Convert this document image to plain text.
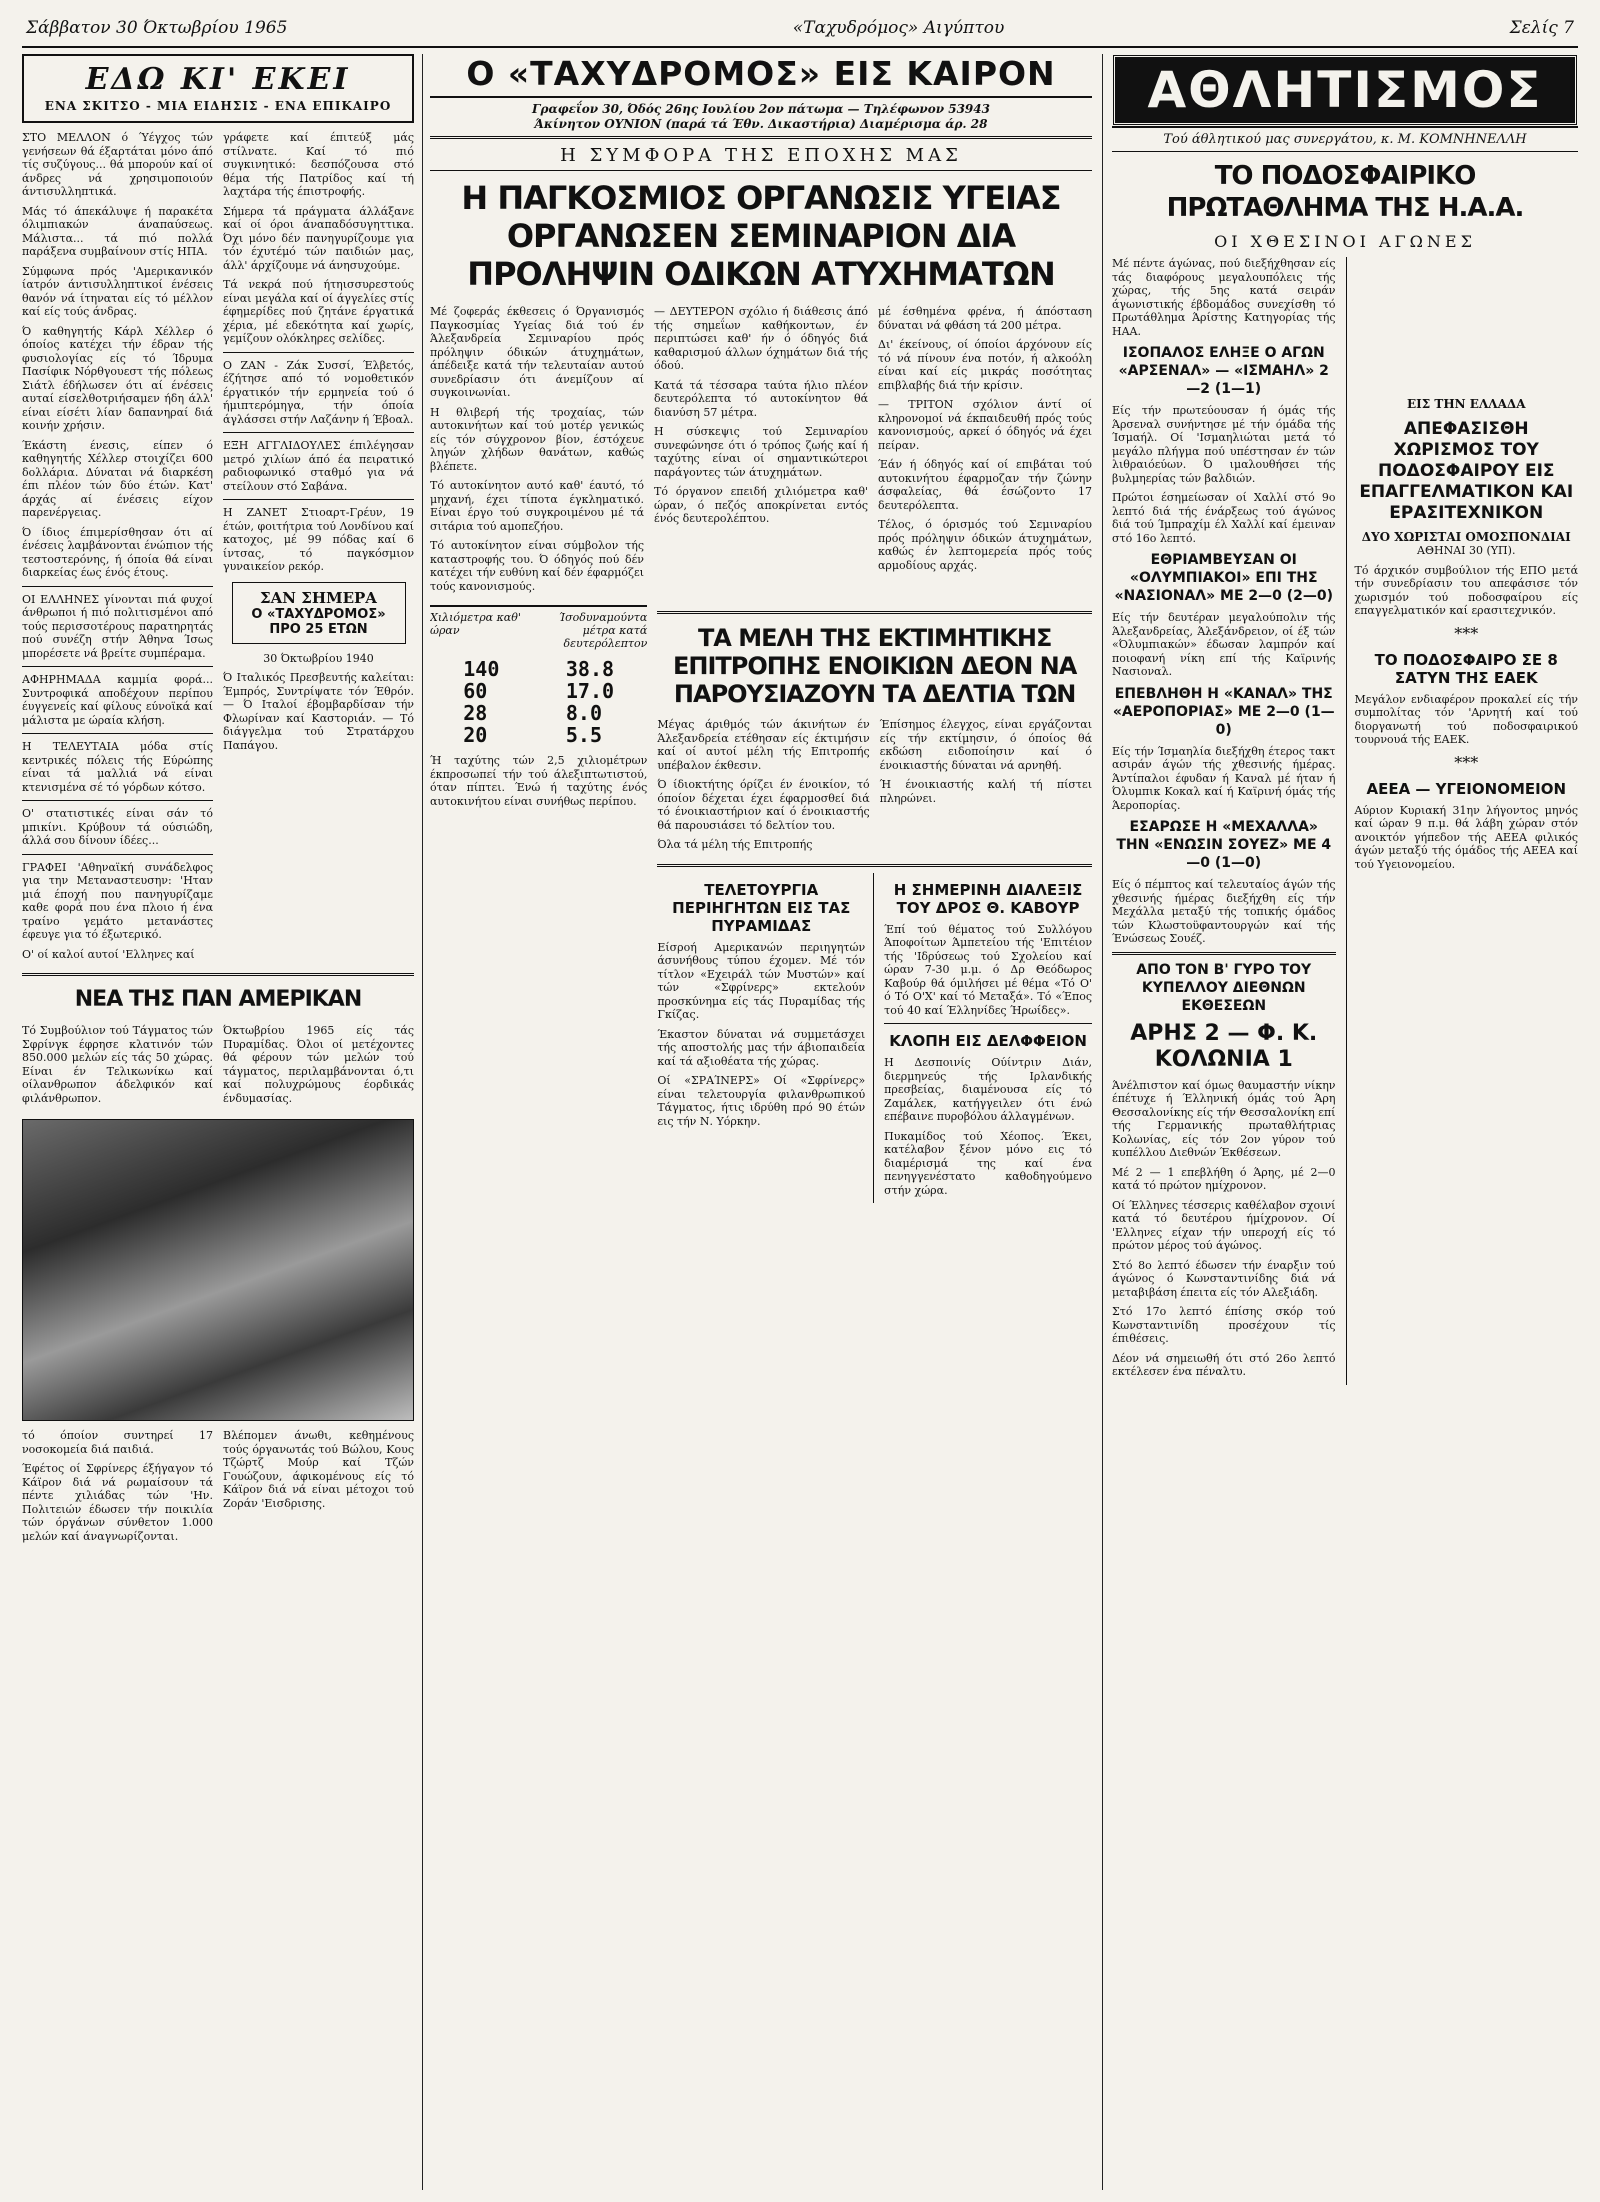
Σάββατον 30 Όκτωβρίου 1965	«Ταχυδρόμος» Αιγύπτου	Σελίς 7
ΕΔΩ ΚΙ' ΕΚΕΙ
ΕΝΑ ΣΚΙΤΣΟ - ΜΙΑ ΕΙΔΗΣΙΣ - ΕΝΑ ΕΠΙΚΑΙΡΟ

ΣΤΟ ΜΕΛΛΟΝ ό Ύέγχος τών γενήσεων θά έξαρτάται μόνο άπό τίς συζύγους... θά μπορούν καί οί άνδρες νά χρησιμοποιούν άντισυλληπτικά.

Μάς τό άπεκάλυψε ή παρακέτα όλιμπιακών άναπαύσεως. Μάλιστα... τά πιό πολλά παράξενα συμβαίνουν στίς ΗΠΑ.

Σύμφωνα πρός 'Αμερικανικόν ίατρόν άντισυλληπτικοί ένέσεις θανόν νά ίτηναται είς τό μέλλον καί είς τούς άνδρας.

Ό καθηγητής Κάρλ Χέλλερ ό όποίος κατέχει τήν έδραν τής φυσιολογίας είς τό Ίδρυμα Πασίφικ Νόρθγουεστ τής πόλεως Σιάτλ έδήλωσεν ότι αί ένέσεις αυταί είσελθοτριήσαμεν ήδη άλλ' είναι είσέτι λίαν δαπανηραί διά κοινήν χρήσιν.

Έκάστη ένεσις, είπεν ό καθηγητής Χέλλερ στοιχίζει 600 δολλάρια. Δύναται νά διαρκέση έπι πλέον τών δύο έτών. Κατ' άρχάς αί ένέσεις είχον παρενέργειας.

Ό ίδιος έπιμερίσθησαν ότι αί ένέσεις λαμβάνονται ένώπιον τής τεστοστερόνης, ή όποία θά είναι διαρκείας έως ένός έτους.

ΟΙ ΕΛΛΗΝΕΣ γίνονται πιά φυχοί άνθρωποι ή πιό πολιτισμένοι από τούς περισσοτέρους παρατηρητάς πού συνέζη στήν Άθηνα Ίσως μπορέσετε νά βρείτε συμπέραμα.

ΑΦΗΡΗΜΑΔΑ καμμία φορά... Συντροφικά αποδέχουν περίπου έυγγενείς καί φίλους εύνοϊκά καί μάλιστα με ώραία κλήση.

Η ΤΕΛΕΥΤΑΙΑ μόδα στίς κεντρικές πόλεις τής Εύρώπης είναι τά μαλλιά νά είναι κτενισμένα σέ τό γόρδων κότσο.

Ο' στατιστικές είναι σάν τό μπικίνι. Κρύβουν τά ούσιώδη, άλλά σου δίνουν ίδέες...

ΓΡΑΦΕΙ 'Αθηναϊκή συνάδελφος για την Μεταναστευσην: 'Ηταν μιά έποχή που πανηγυρίζαμε καθε φορά που ένα πλοιο ή ένα τραίνο γεμάτο μετανάστες έφευγε για τό έξωτερικό.

Ο' οί καλοί αυτοί 'Ελληνες καί

γράφετε καί έπιτεύξ μάς στίλνατε. Καί τό πιό συγκινητικό: δεσπόζουσα στό θέμα τής Πατρίδος καί τή λαχτάρα τής έπιστροφής.

Σήμερα τά πράγματα άλλάξανε καί οί όροι άναπαδόσυγηττικα. Όχι μόνο δέν πανηγυρίζουμε για τόν έχυτέμό τών παιδιών μας, άλλ' άρχίζουμε νά άνησυχούμε.

Τά νεκρά πού ήτηισσυρεστούς είναι μεγάλα καί οί άγγελίες στίς έφημερίδες πού ζητάνε έργατικά χέρια, μέ εδεκότητα καί χωρίς, γεμίζουν ολόκληρες σελίδες.

Ο ΖΑΝ - Ζάκ Συσσί, Έλβετός, έζήτησε από τό νομοθετικόν έργατικόν τήν ερμηνεία τού ό ήμιπτερόμηγα, τήν όποία άγλάσσει στήν Λαζάνην ή Έβοαλ.

ΕΞΗ ΑΓΓΛΙΔΟΥΛΕΣ έπιλέγησαν μετρό χιλίων άπό έα πειρατικό ραδιοφωνικό σταθμό για νά στείλουν στό Σαβάνα.

Η ΖΑΝΕΤ Στιοαρτ-Γρέυν, 19 έτών, φοιτήτρια τού Λονδίνου καί κατοχος, μέ 99 πόδας καί 6 ίντσας, τό παγκόσμιον γυναικείον ρεκόρ.

ΣΑΝ ΣΗΜΕΡΑ
Ο «ΤΑΧΥΔΡΟΜΟΣ» ΠΡΟ 25 ΕΤΩΝ

30 Όκτωβρίου 1940

Ό Ιταλικός Πρεσβευτής καλείται: Έμπρός, Συντρίψατε τόν Έθρόν. — Ό Ιταλοί έβομβαρδίσαν τήν Φλωρίναν καί Καστοριάν. — Τό διάγγελμα τού Στρατάρχου Παπάγου.

ΝΕΑ ΤΗΣ ΠΑΝ ΑΜΕΡΙΚΑΝ

Τό Συμβούλιον τού Τάγματος τών Σφρίνγκ έφρησε κλατινόν τών 850.000 μελών είς τάς 50 χώρας. Είναι έν Τελικωνίκω καί οίλανθρωπον άδελφικόν καί φιλάνθρωπον.

Όκτωβρίου 1965 είς τάς Πυραμίδας. Όλοι οί μετέχοντες θά φέρουν τών μελών τού τάγματος, περιλαμβάνονται ό,τι καί πολυχρώμους έορδικάς ένδυμασίας.

τό όποίον συντηρεί 17 νοσοκομεία διά παιδιά.

Έφέτος οί Σφρίνερς έξήγαγον τό Κάϊρον διά νά ρωμαίσουν τά πέντε χιλιάδας τών 'Ην. Πολιτειών έδωσεν τήν ποικιλία τών όργάνων σύνθετον 1.000 μελών καί άναγνωρίζονται.

Βλέπομεν άνωθι, κεθημένους τούς όργανωτάς τού Βώλου, Κους Τζώρτζ Μούρ καί Τζών Γουώζουν, άφικομένους είς τό Κάϊρον διά νά είναι μέτοχοι τού Ζοράν 'Εισδρισης.

Ο «ΤΑΧΥΔΡΟΜΟΣ» ΕΙΣ ΚΑΙΡΟΝ
Γραφεΐον 30, Όδός 26ης Ιουλίου 2ον πάτωμα — Τηλέφωνον 53943
Άκίνητον ΟΥΝΙΟΝ (παρά τά Έθν. Δικαστήρια) Διαμέρισμα άρ. 28
Η ΣΥΜΦΟΡΑ ΤΗΣ ΕΠΟΧΗΣ ΜΑΣ
Η ΠΑΓΚΟΣΜΙΟΣ ΟΡΓΑΝΩΣΙΣ ΥΓΕΙΑΣ ΟΡΓΑΝΩΣΕΝ ΣΕΜΙΝΑΡΙΟΝ ΔΙΑ ΠΡΟΛΗΨΙΝ ΟΔΙΚΩΝ ΑΤΥΧΗΜΑΤΩΝ

Μέ ζοφεράς έκθεσεις ό Όργανισμός Παγκοσμίας Υγείας διά τού έν Άλεξανδρεία Σεμιναρίου πρός πρόληψιν όδικών άτυχημάτων, άπέδειξε κατά τήν τελευταίαν αυτού συνεδρίασιν ότι άνεμίζουν αί συγκοινωνίαι.

Η θλιβερή τής τροχαίας, τών αυτοκινήτων καί τού μοτέρ γενικώς είς τόν σύγχρονον βίον, έστόχευε ληγών χλήδων θανάτων, καθώς βλέπετε.

Τό αυτοκίνητον αυτό καθ' έαυτό, τό μηχανή, έχει τίποτα έγκληματικό. Είναι έργο τού συγκροιμένου μέ τά σιτάρια τού αμοπεζήου.

Τό αυτοκίνητον είναι σύμβολον τής καταστροφής του. Ό όδηγός πού δέν κατέχει τήν ευθύνη καί δέν έφαρμόζει τούς κανονισμούς.

— ΔΕΥΤΕΡΟΝ σχόλιο ή διάθεσις άπό τής σημεΐων καθήκοντων, έν περιπτώσει καθ' ήν ό όδηγός διά καθαρισμού άλλων όχημάτων διά τής όδού.

Κατά τά τέσσαρα ταύτα ήλιο πλέον δευτερόλεπτα τό αυτοκίνητον θά διανύση 57 μέτρα.

Η σύσκεψις τού Σεμιναρίου συνεφώνησε ότι ό τρόπος ζωής καί ή ταχύτης είναι οί σημαντικώτεροι παράγοντες τών άτυχημάτων.

Τό όργανον επειδή χιλιόμετρα καθ' ώραν, ό πεζός αποκρίνεται εντός ένός δευτερολέπτου.

μέ έσθημένα φρένα, ή άπόσταση δύναται νά φθάση τά 200 μέτρα.

Δι' έκείνους, οί όποίοι άρχόνουν είς τό νά πίνουν ένα ποτόν, ή αλκοόλη είναι καί είς μικράς ποσότητας επιβλαβής διά τήν κρίσιν.

— ΤΡΙΤΟΝ σχόλιον άντί οί κληρονομοί νά έκπαιδευθή πρός τούς κανονισμούς, αρκεί ό όδηγός νά έχει πείραν.

Έάν ή όδηγός καί οί επιβάται τού αυτοκινήτου έφαρμοζαν τήν ζώνην άσφαλείας, θά έσώζοντο 17 δευτερόλεπτα.

Τέλος, ό όρισμός τού Σεμιναρίου πρός πρόληψιν όδικών άτυχημάτων, καθώς έν λεπτομερεία πρός τούς αρμοδίους αρχάς.

Χιλιόμετρα καθ' ώραν
Ίσοδυναμούντα μέτρα κατά δευτερόλεπτον
140
60
28
20
38.8
17.0
8.0
5.5

Ή ταχύτης τών 2,5 χιλιομέτρων έκπροσωπεί τήν τού άλεξιπτωτιστού, όταν πίπτει. Ένώ ή ταχύτης ένός αυτοκινήτου είναι συνήθως περίπου.

ΤΑ ΜΕΛΗ ΤΗΣ ΕΚΤΙΜΗΤΙΚΗΣ ΕΠΙΤΡΟΠΗΣ ΕΝΟΙΚΙΩΝ ΔΕΟΝ ΝΑ ΠΑΡΟΥΣΙΑΖΟΥΝ ΤΑ ΔΕΛΤΙΑ ΤΩΝ

Μέγας άριθμός τών άκινήτων έν Άλεξανδρεία ετέθησαν είς έκτιμήσιν καί οί αυτοί μέλη τής Επιτροπής υπέβαλον έκθεσιν.

Ό ίδιοκτήτης όρίζει έν ένοικίον, τό όποίον δέχεται έχει έφαρμοσθεί διά τό ένοικιαστήριον καί ό ένοικιαστής θά παρουσιάσει τό δελτίον του.

Όλα τά μέλη τής Επιτροπής

Έπίσημος έλεγχος, είναι εργάζονται είς τήν εκτίμησιν, ό όποίος θά εκδώση ειδοποίησιν καί ό ένοικιαστής δύναται νά αρνηθή.

Ή ένοικιαστής καλή τή πίστει πληρώνει.

ΤΕΛΕΤΟΥΡΓΙΑ ΠΕΡΙΗΓΗΤΩΝ ΕΙΣ ΤΑΣ ΠΥΡΑΜΙΔΑΣ

Είσροή Αμερικανών περιηγητών άσυνήθους τύπου έχομεν. Μέ τόν τίτλον «Εχειράλ τών Μυστών» καί τών «Σφρίνερς» εκτελούν προσκύνημα είς τάς Πυραμίδας τής Γκίζας.

Έκαστον δύναται νά συμμετάσχει τής αποστολής μας τήν άβιοπαιδεία καί τά αξιοθέατα τής χώρας.

Οί «ΣΡΑΊΝΕΡΣ» Οί «Σφρίνερς» είναι τελετουργία φιλανθρωπικού Τάγματος, ήτις ιδρύθη πρό 90 έτών εις τήν Ν. Υόρκην.

Η ΣΗΜΕΡΙΝΗ ΔΙΑΛΕΞΙΣ ΤΟΥ ΔΡΟΣ Θ. ΚΑΒΟΥΡ

Έπί τού θέματος τού Συλλόγου Άποφοίτων Άμπετείου τής 'Επιτέιον τής 'Ιδρύσεως τού Σχολείου καί ώραν 7-30 μ.μ. ό Δρ Θεόδωρος Καβούρ θά όμιλήσει μέ θέμα «Τό Ο' ό Τό Ο'Χ' καί τό Μεταξά». Τό «Έπος τού 40 καί Έλληνίδες Ήρωίδες».

ΚΛΟΠΗ ΕΙΣ ΔΕΛΦΦΕΙΟΝ

Η Δεσποινίς Ούίντριν Διάν, διερμηνεύς τής Ιρλανδικής πρεσβείας, διαμένουσα είς τό Ζαμάλεκ, κατήγγειλεν ότι ένώ επέβαινε πυροβόλου άλλαγμένων.

Πυκαμίδος τού Χέοπος. Έκει, κατέλαβον ξένον μόνο εις τό διαμέρισμά της καί ένα πενηγγενέστατο καθοδηγούμενο στήν χώρα.

ΑΘΛΗΤΙΣΜΟΣ
Τού άθλητικού μας συνεργάτου, κ. Μ. ΚΟΜΝΗΝΕΛΛΗ
ΤΟ ΠΟΔΟΣΦΑΙΡΙΚΟ ΠΡΩΤΑΘΛΗΜΑ ΤΗΣ Η.Α.Α.
ΟΙ ΧΘΕΣΙΝΟΙ ΑΓΩΝΕΣ

Μέ πέντε άγώνας, πού διεξήχθησαν είς τάς διαφόρους μεγαλουπόλεις τής χώρας, τής 5ης κατά σειράν άγωνιστικής έβδομάδος συνεχίσθη τό Πρωτάθλημα Άρίστης Κατηγορίας τής ΗΑΑ.

ΙΣΟΠΑΛΟΣ ΕΛΗΞΕ Ο ΑΓΩΝ «ΑΡΣΕΝΑΛ» — «ΙΣΜΑΗΛ» 2—2 (1—1)

Είς τήν πρωτεύουσαν ή όμάς τής Άρσεναλ συνήντησε μέ τήν όμάδα τής Ίσμαήλ. Οί 'Ισμαηλιώται μετά τό μεγάλο πλήγμα πού υπέστησαν έν τών λιθραιόεύων. Ό ιμαλουθήσει τής βυλμηερίας τών βαλδιών.

Πρώτοι έσημείωσαν οί Χαλλί στό 9ο λεπτό διά τής ένάρξεως τού άγώνος διά τού Ίμπραχίμ έλ Χαλλί καί έμειναν στό 16ο λεπτό.

ΕΘΡΙΑΜΒΕΥΣΑΝ ΟΙ «ΟΛΥΜΠΙΑΚΟΙ» ΕΠΙ ΤΗΣ «ΝΑΣΙΟΝΑΛ» ΜΕ 2—0 (2—0)

Είς τήν δευτέραν μεγαλούπολιν τής Άλεξανδρείας, Άλεξάνδρειον, οί έξ τών «Όλυμπιακών» έδωσαν λαμπρόν καί ποιοφανή νίκη επί τής Καϊρινής Νασιοναλ.

ΕΠΕΒΛΗΘΗ Η «ΚΑΝΑΛ» ΤΗΣ «ΑΕΡΟΠΟΡΙΑΣ» ΜΕ 2—0 (1—0)

Είς τήν Ίσμαηλία διεξήχθη έτερος τακτ ασιράν άγών τής χθεσινής ήμέρας. Άντίπαλοι έφυδαν ή Καναλ μέ ήταν ή Όλυμπικ Κοκαλ καί ή Καϊρινή όμάς τής Άεροπορίας.

ΕΣΑΡΩΣΕ Η «ΜΕΧΑΛΛΑ» ΤΗΝ «ΕΝΩΣΙΝ ΣΟΥΕΖ» ΜΕ 4—0 (1—0)

Είς ό πέμπτος καί τελευταίος άγών τής χθεσινής ήμέρας διεξήχθη είς τήν Μεχάλλα μεταξύ τής τοπικής όμάδος τών Κλωστοϋφαντουργών καί τής Ένώσεως Σουέζ.

ΑΠΟ ΤΟΝ Β' ΓΥΡΟ ΤΟΥ ΚΥΠΕΛΛΟΥ ΔΙΕΘΝΩΝ ΕΚΘΕΣΕΩΝ
ΑΡΗΣ 2 — Φ. Κ. ΚΟΛΩΝΙΑ 1

Άνέλπιστον καί όμως θαυμαστήν νίκην έπέτυχε ή Έλληνική όμάς τού Άρη Θεσσαλονίκης είς τήν Θεσσαλονίκη επί τής Γερμανικής πρωταθλήτριας Κολωνίας, είς τόν 2ον γύρον τού κυπέλλου Διεθνών Έκθέσεων.

Μέ 2 — 1 επεβλήθη ό Άρης, μέ 2—0 κατά τό πρώτον ημίχρονον.

Οί Έλληνες τέσσερις καθέλαβον σχοινί κατά τό δευτέρου ήμίχρονον. Οί 'Ελληνες είχαν τήν υπεροχή είς τό πρώτον μέρος τού άγώνος.

Στό 8ο λεπτό έδωσεν τήν έναρξιν τού άγώνος ό Κωνσταντινίδης διά νά μεταβιβάση έπειτα είς τόν Αλεξιάδη.

Στό 17ο λεπτό έπίσης σκόρ τού Κωνσταντινίδη προσέχουν τίς έπιθέσεις.

Δέον νά σημειωθή ότι στό 26ο λεπτό εκτέλεσεν ένα πέναλτυ.

ΕΙΣ ΤΗΝ ΕΛΛΑΔΑ
ΑΠΕΦΑΣΙΣΘΗ ΧΩΡΙΣΜΟΣ ΤΟΥ ΠΟΔΟΣΦΑΙΡΟΥ ΕΙΣ ΕΠΑΓΓΕΛΜΑΤΙΚΟΝ ΚΑΙ ΕΡΑΣΙΤΕΧΝΙΚΟΝ
ΔΥΟ ΧΩΡΙΣΤΑΙ ΟΜΟΣΠΟΝΔΙΑΙ

ΑΘΗΝΑΙ 30 (ΥΠ).

Τό άρχικόν συμβούλιον τής ΕΠΟ μετά τήν συνεδρίασιν του απεφάσισε τόν χωρισμόν τού ποδοσφαίρου είς επαγγελματικόν καί ερασιτεχνικόν.

***
ΤΟ ΠΟΔΟΣΦΑΙΡΟ ΣΕ 8 ΣΑΤΥΝ ΤΗΣ ΕΑΕΚ

Μεγάλον ενδιαφέρον προκαλεί είς τήν συμπολίτας τόν 'Αρνητή καί τού διοργανωτή τού ποδοσφαιρικού τουρνουά τής ΕΑΕΚ.

***
ΑΕΕΑ — ΥΓΕΙΟΝΟΜΕΙΟΝ

Αύριον Κυριακή 31ην λήγοντος μηνός καί ώραν 9 π.μ. θά λάβη χώραν στόν ανοικτόν γήπεδον τής ΑΕΕΑ φιλικός άγών μεταξύ τής όμάδος τής ΑΕΕΑ καί τού Υγειονομείου.
